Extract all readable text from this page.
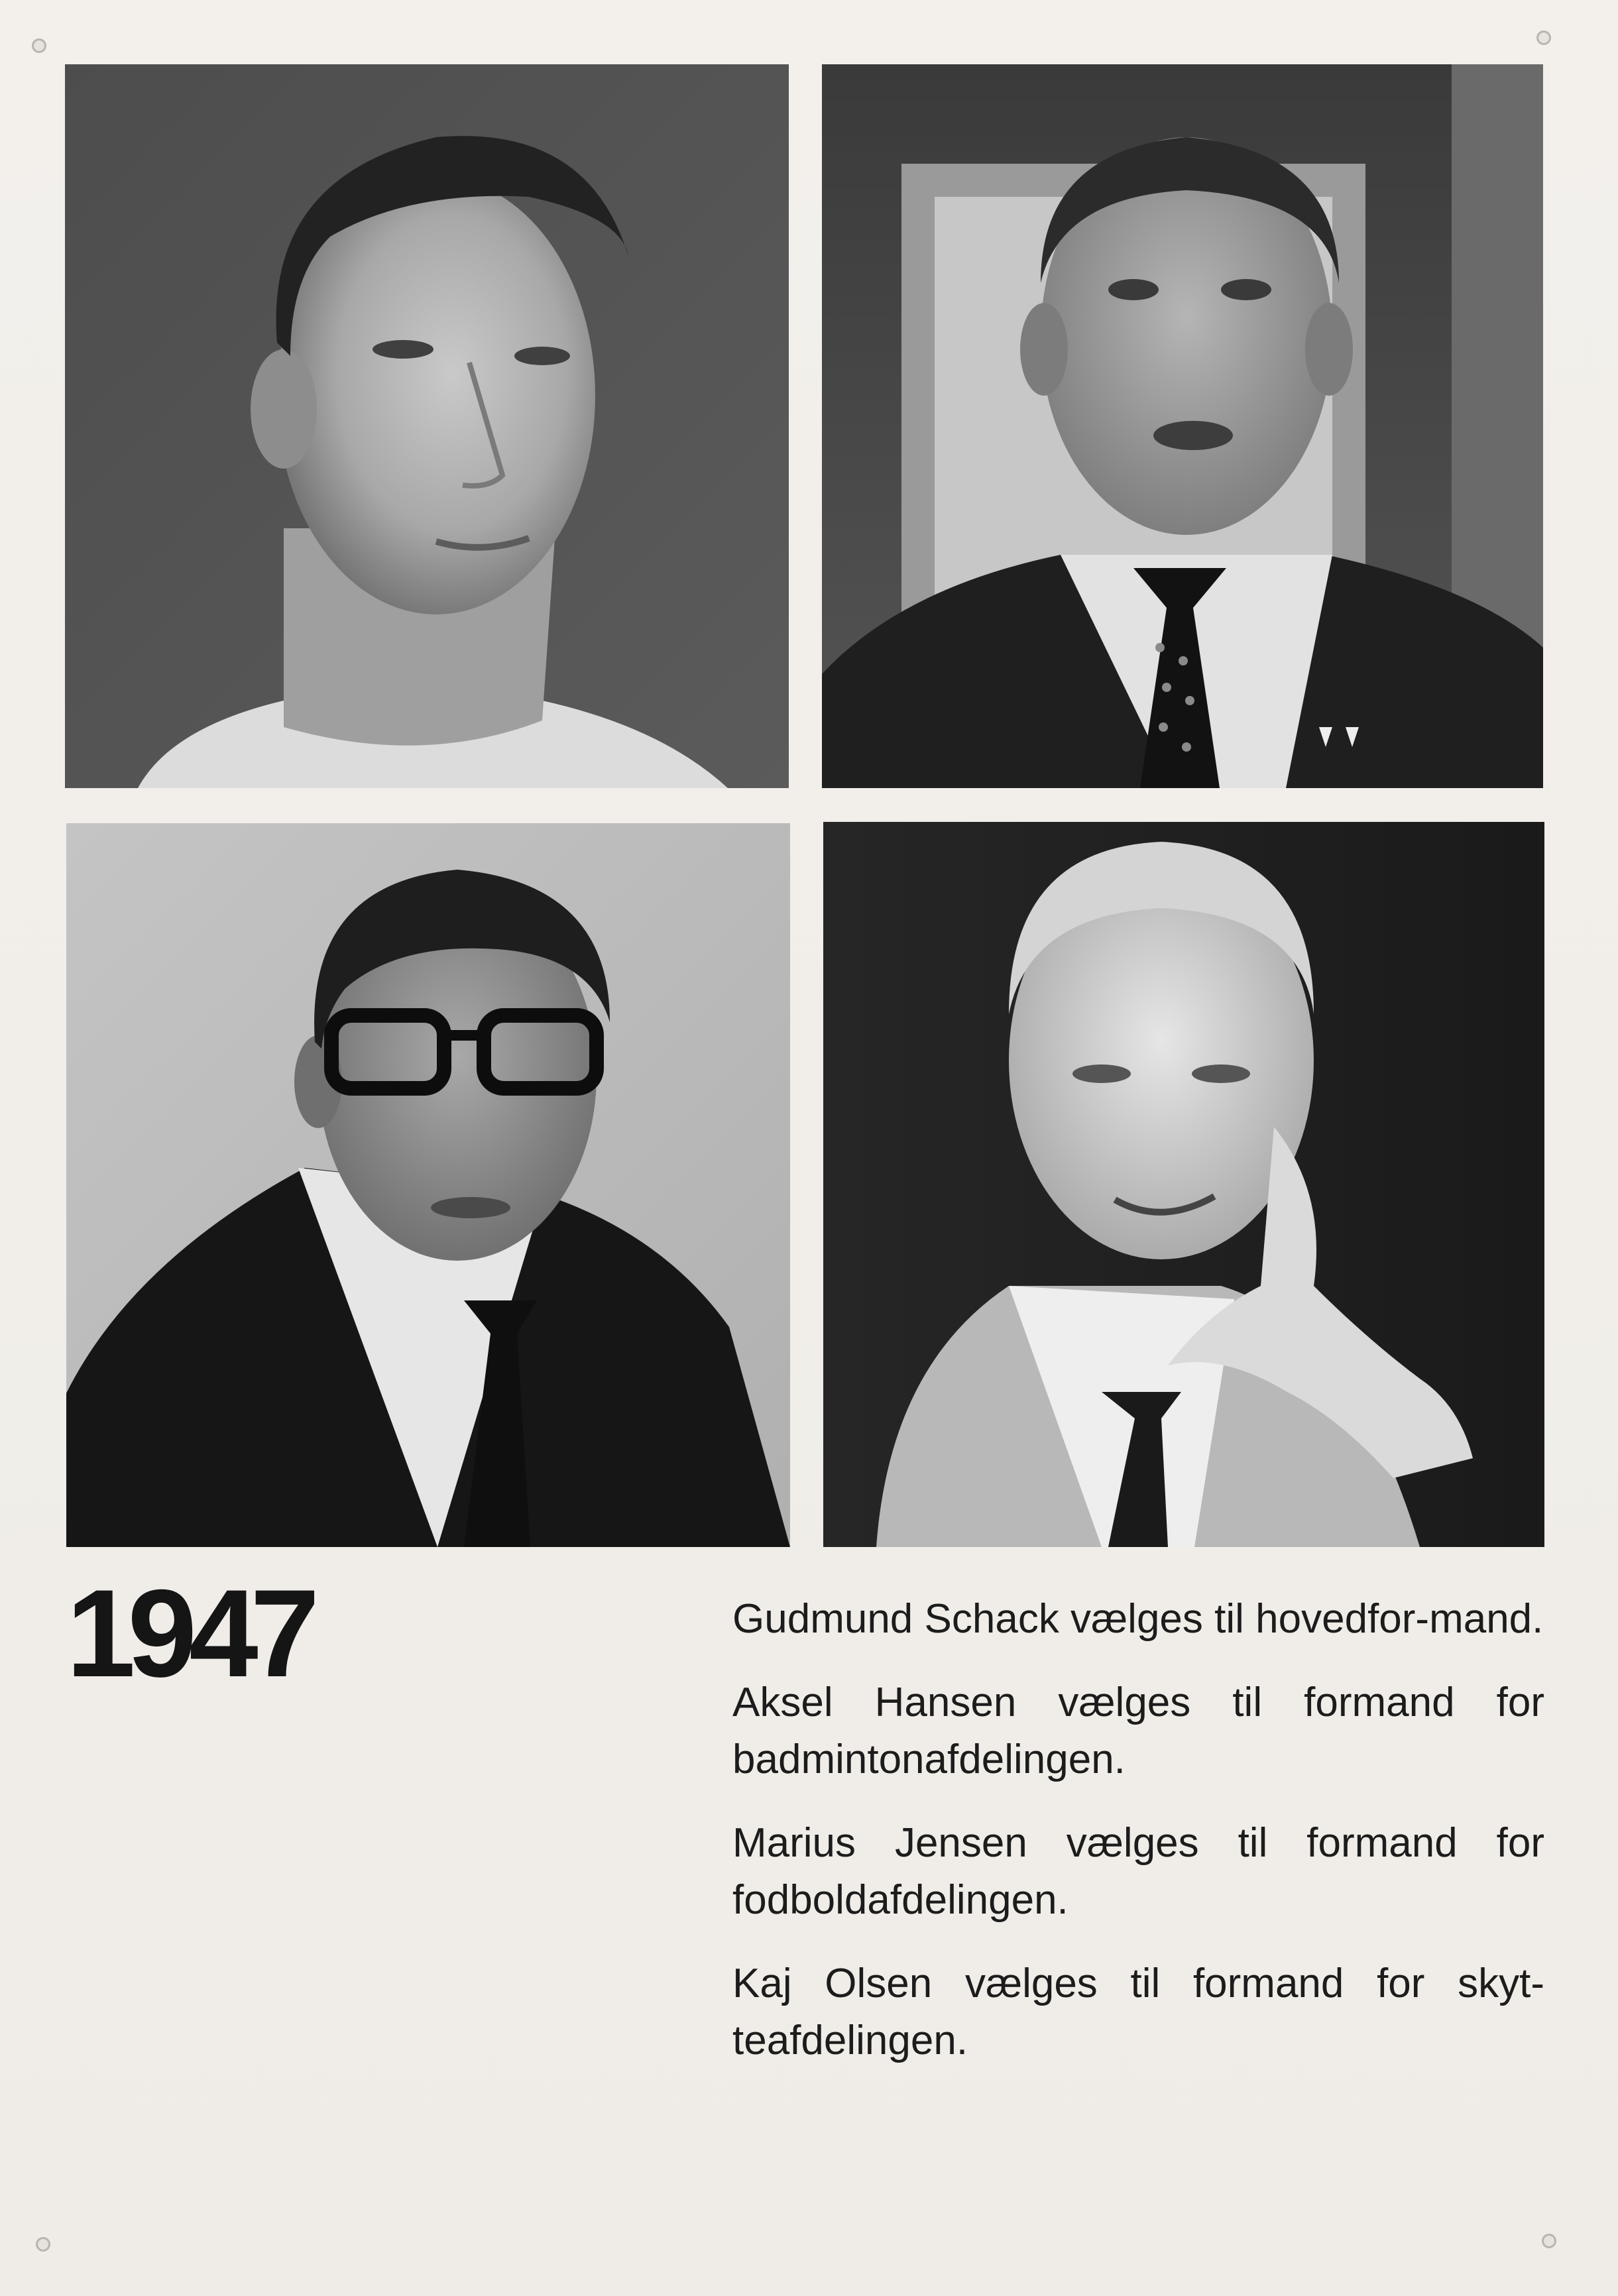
1947	Gudmund Schack vælges til hovedfor-mand.

Aksel Hansen vælges til formand for badmintonafdelingen.

Marius Jensen vælges til formand for fodboldafdelingen.

Kaj Olsen vælges til formand for skyt-teafdelingen.
